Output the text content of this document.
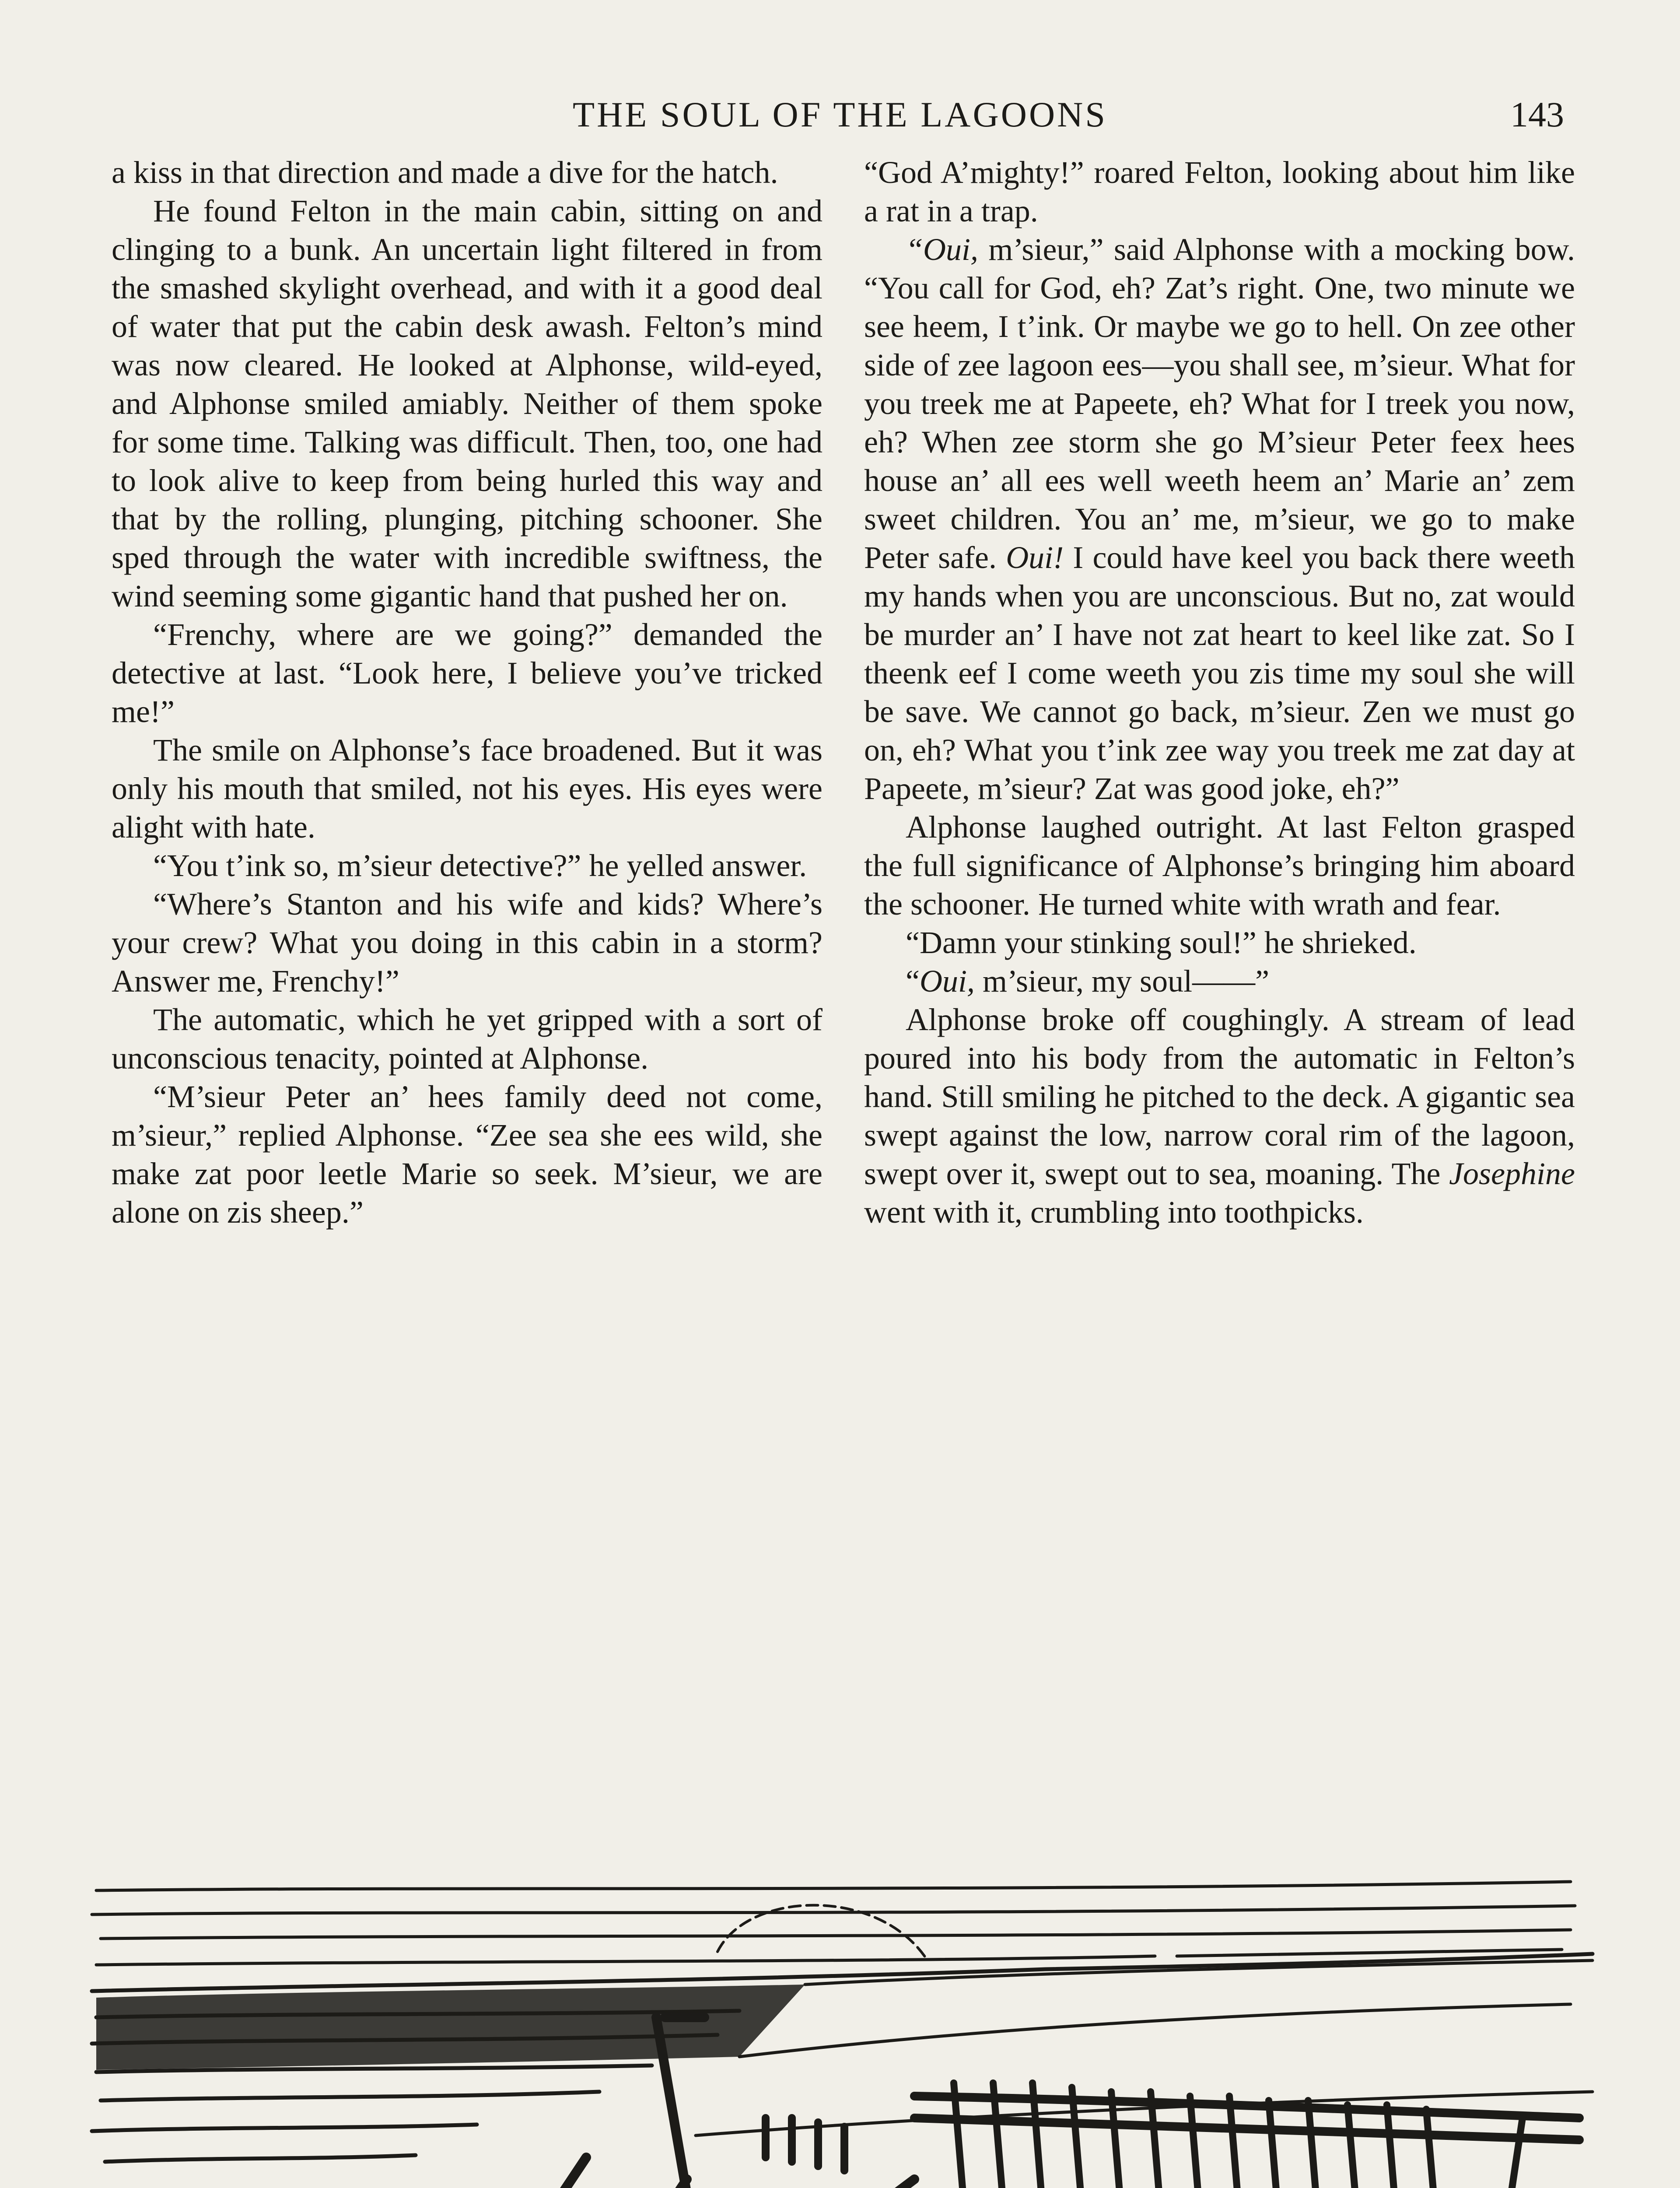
THE SOUL OF THE LAGOONS	143

a kiss in that direction and made a dive for the hatch.

He found Felton in the main cabin, sitting on and clinging to a bunk. An uncertain light filtered in from the smashed skylight overhead, and with it a good deal of water that put the cabin desk awash. Felton’s mind was now cleared. He looked at Alphonse, wild-eyed, and Alphonse smiled amiably. Neither of them spoke for some time. Talking was difficult. Then, too, one had to look alive to keep from being hurled this way and that by the rolling, plunging, pitching schooner. She sped through the water with incredible swiftness, the wind seeming some gigantic hand that pushed her on.

“Frenchy, where are we going?” demanded the detective at last. “Look here, I believe you’ve tricked me!”

The smile on Alphonse’s face broadened. But it was only his mouth that smiled, not his eyes. His eyes were alight with hate.

“You t’ink so, m’sieur detective?” he yelled answer.

“Where’s Stanton and his wife and kids? Where’s your crew? What you doing in this cabin in a storm? Answer me, Frenchy!”

The automatic, which he yet gripped with a sort of unconscious tenacity, pointed at Alphonse.

“M’sieur Peter an’ hees family deed not come, m’sieur,” replied Alphonse. “Zee sea she ees wild, she make zat poor leetle Marie so seek. M’sieur, we are alone on zis sheep.”

“God A’mighty!” roared Felton, looking about him like a rat in a trap.

“Oui, m’sieur,” said Alphonse with a mocking bow. “You call for God, eh? Zat’s right. One, two minute we see heem, I t’ink. Or maybe we go to hell. On zee other side of zee lagoon ees—you shall see, m’sieur. What for you treek me at Papeete, eh? What for I treek you now, eh? When zee storm she go M’sieur Peter feex hees house an’ all ees well weeth heem an’ Marie an’ zem sweet children. You an’ me, m’sieur, we go to make Peter safe. Oui! I could have keel you back there weeth my hands when you are unconscious. But no, zat would be murder an’ I have not zat heart to keel like zat. So I theenk eef I come weeth you zis time my soul she will be save. We cannot go back, m’sieur. Zen we must go on, eh? What you t’ink zee way you treek me zat day at Papeete, m’sieur? Zat was good joke, eh?”

Alphonse laughed outright. At last Felton grasped the full significance of Alphonse’s bringing him aboard the schooner. He turned white with wrath and fear.

“Damn your stinking soul!” he shrieked.

“Oui, m’sieur, my soul——”

Alphonse broke off coughingly. A stream of lead poured into his body from the automatic in Felton’s hand. Still smiling he pitched to the deck. A gigantic sea swept against the low, narrow coral rim of the lagoon, swept over it, swept out to sea, moaning. The Josephine went with it, crumbling into toothpicks.
